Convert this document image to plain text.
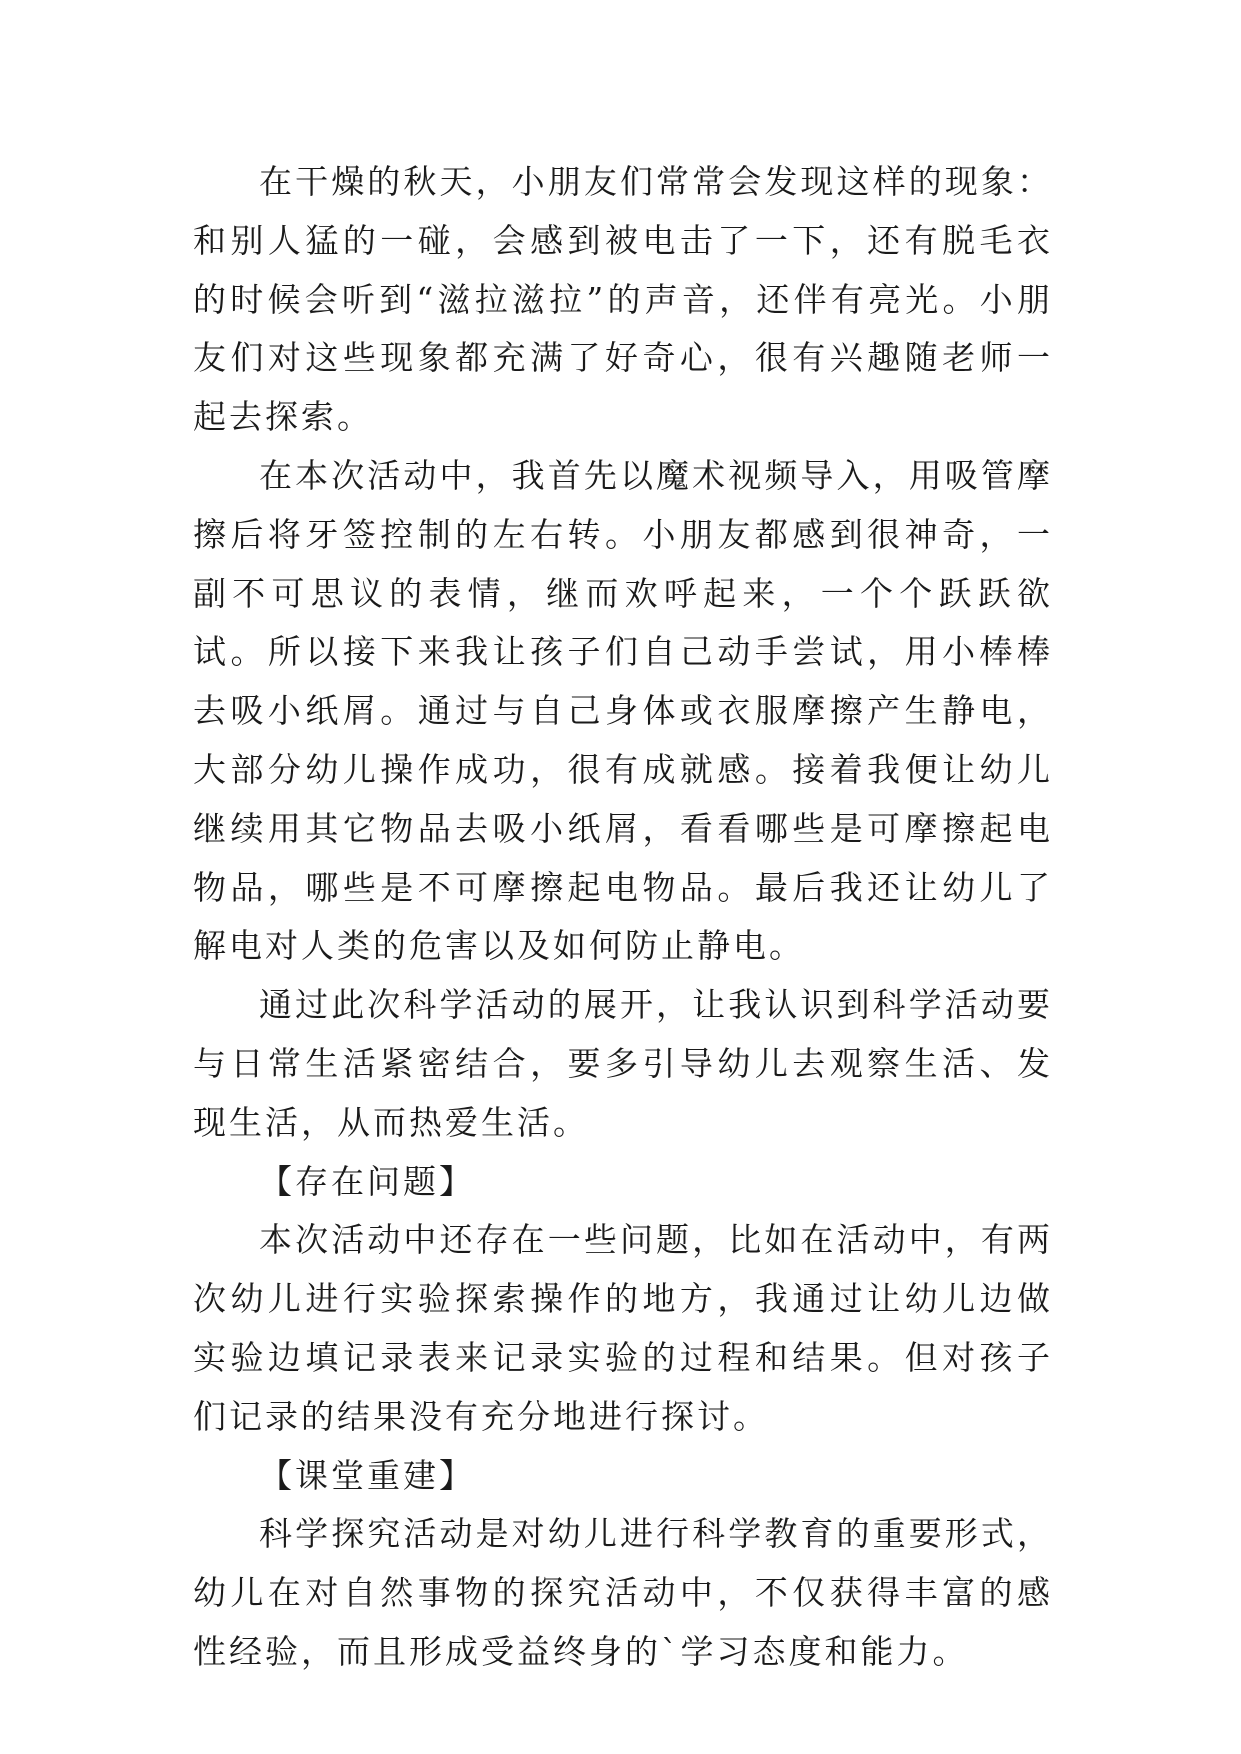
在干燥的秋天，小朋友们常常会发现这样的现象：和别人猛的一碰，会感到被电击了一下，还有脱毛衣的时候会听到“滋拉滋拉”的声音，还伴有亮光。小朋友们对这些现象都充满了好奇心，很有兴趣随老师一起去探索。

在本次活动中，我首先以魔术视频导入，用吸管摩擦后将牙签控制的左右转。小朋友都感到很神奇，一副不可思议的表情，继而欢呼起来，一个个跃跃欲试。所以接下来我让孩子们自己动手尝试，用小棒棒去吸小纸屑。通过与自己身体或衣服摩擦产生静电，大部分幼儿操作成功，很有成就感。接着我便让幼儿继续用其它物品去吸小纸屑，看看哪些是可摩擦起电物品，哪些是不可摩擦起电物品。最后我还让幼儿了解电对人类的危害以及如何防止静电。

通过此次科学活动的展开，让我认识到科学活动要与日常生活紧密结合，要多引导幼儿去观察生活、发现生活，从而热爱生活。

【存在问题】

本次活动中还存在一些问题，比如在活动中，有两次幼儿进行实验探索操作的地方，我通过让幼儿边做实验边填记录表来记录实验的过程和结果。但对孩子们记录的结果没有充分地进行探讨。

【课堂重建】

科学探究活动是对幼儿进行科学教育的重要形式，幼儿在对自然事物的探究活动中，不仅获得丰富的感性经验，而且形成受益终身的`学习态度和能力。
